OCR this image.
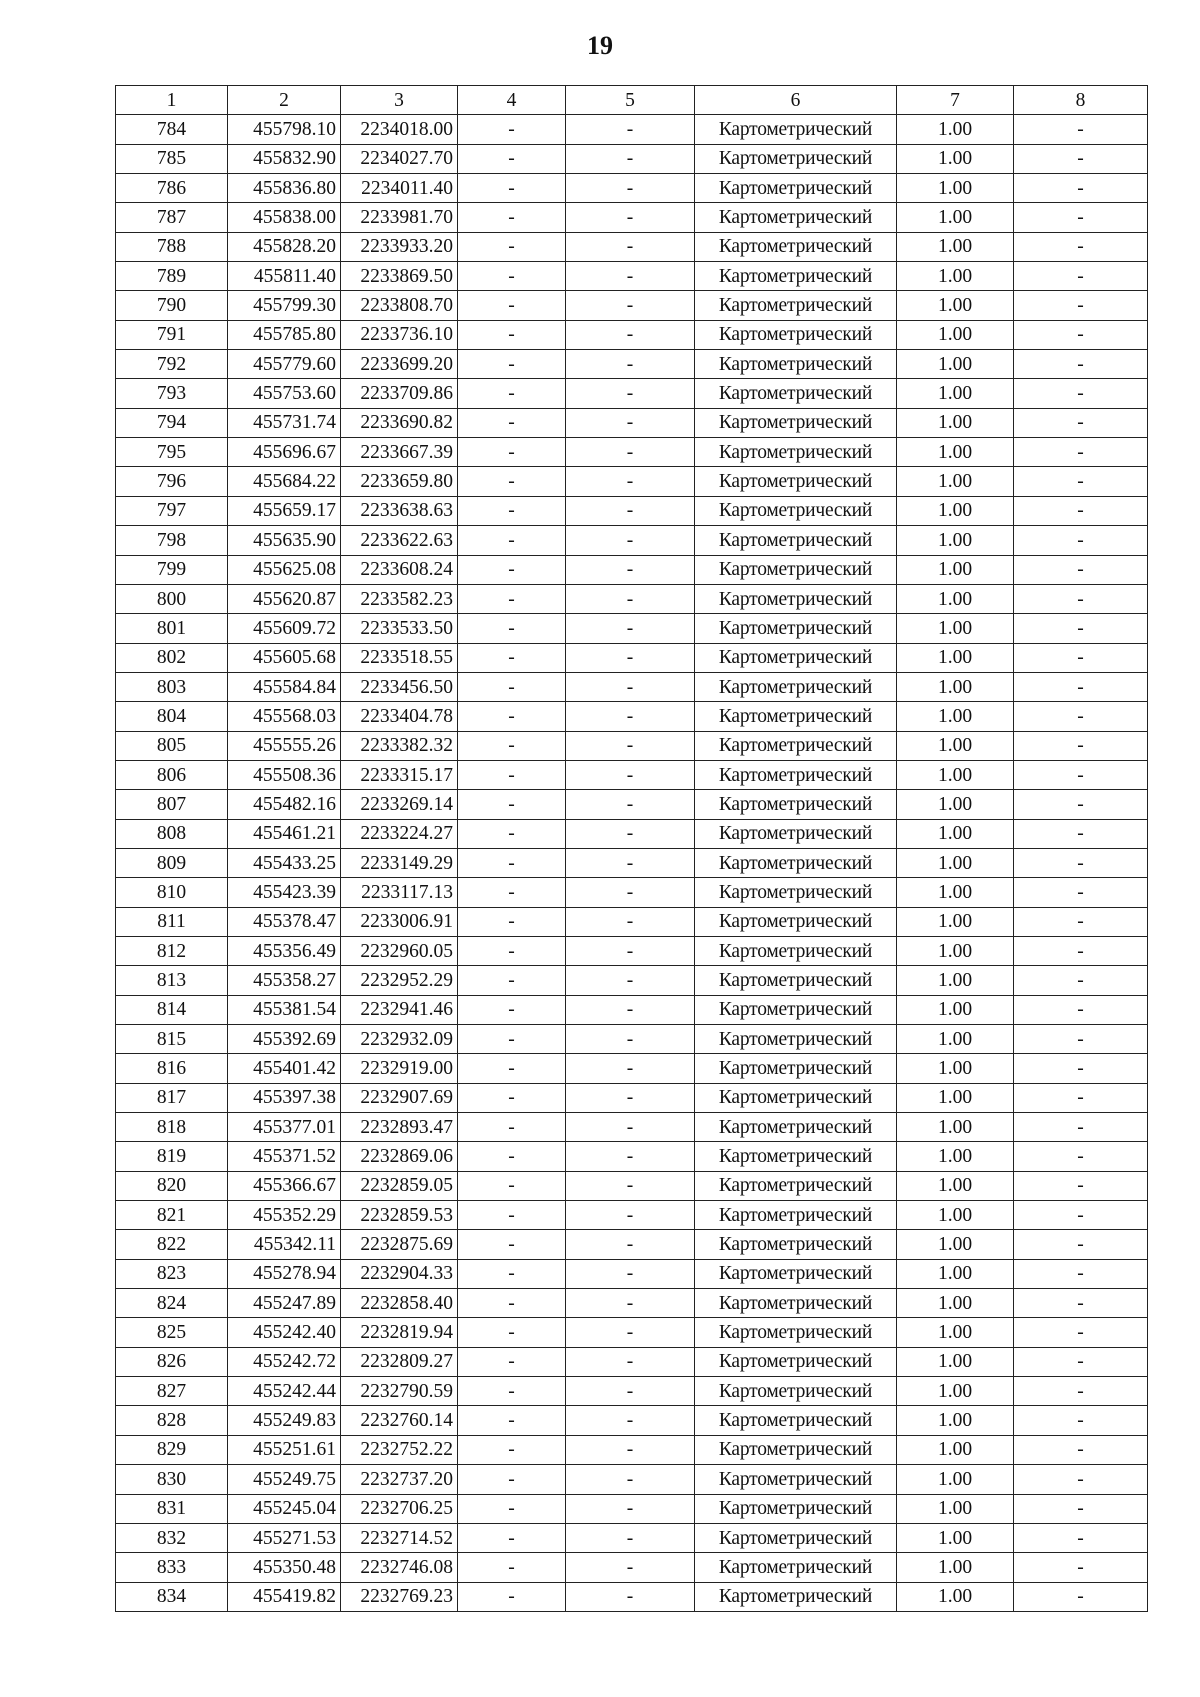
19
1	2	3	4	5	6	7	8
784	455798.10	2234018.00	-	-	Картометрический	1.00	-
785	455832.90	2234027.70	-	-	Картометрический	1.00	-
786	455836.80	2234011.40	-	-	Картометрический	1.00	-
787	455838.00	2233981.70	-	-	Картометрический	1.00	-
788	455828.20	2233933.20	-	-	Картометрический	1.00	-
789	455811.40	2233869.50	-	-	Картометрический	1.00	-
790	455799.30	2233808.70	-	-	Картометрический	1.00	-
791	455785.80	2233736.10	-	-	Картометрический	1.00	-
792	455779.60	2233699.20	-	-	Картометрический	1.00	-
793	455753.60	2233709.86	-	-	Картометрический	1.00	-
794	455731.74	2233690.82	-	-	Картометрический	1.00	-
795	455696.67	2233667.39	-	-	Картометрический	1.00	-
796	455684.22	2233659.80	-	-	Картометрический	1.00	-
797	455659.17	2233638.63	-	-	Картометрический	1.00	-
798	455635.90	2233622.63	-	-	Картометрический	1.00	-
799	455625.08	2233608.24	-	-	Картометрический	1.00	-
800	455620.87	2233582.23	-	-	Картометрический	1.00	-
801	455609.72	2233533.50	-	-	Картометрический	1.00	-
802	455605.68	2233518.55	-	-	Картометрический	1.00	-
803	455584.84	2233456.50	-	-	Картометрический	1.00	-
804	455568.03	2233404.78	-	-	Картометрический	1.00	-
805	455555.26	2233382.32	-	-	Картометрический	1.00	-
806	455508.36	2233315.17	-	-	Картометрический	1.00	-
807	455482.16	2233269.14	-	-	Картометрический	1.00	-
808	455461.21	2233224.27	-	-	Картометрический	1.00	-
809	455433.25	2233149.29	-	-	Картометрический	1.00	-
810	455423.39	2233117.13	-	-	Картометрический	1.00	-
811	455378.47	2233006.91	-	-	Картометрический	1.00	-
812	455356.49	2232960.05	-	-	Картометрический	1.00	-
813	455358.27	2232952.29	-	-	Картометрический	1.00	-
814	455381.54	2232941.46	-	-	Картометрический	1.00	-
815	455392.69	2232932.09	-	-	Картометрический	1.00	-
816	455401.42	2232919.00	-	-	Картометрический	1.00	-
817	455397.38	2232907.69	-	-	Картометрический	1.00	-
818	455377.01	2232893.47	-	-	Картометрический	1.00	-
819	455371.52	2232869.06	-	-	Картометрический	1.00	-
820	455366.67	2232859.05	-	-	Картометрический	1.00	-
821	455352.29	2232859.53	-	-	Картометрический	1.00	-
822	455342.11	2232875.69	-	-	Картометрический	1.00	-
823	455278.94	2232904.33	-	-	Картометрический	1.00	-
824	455247.89	2232858.40	-	-	Картометрический	1.00	-
825	455242.40	2232819.94	-	-	Картометрический	1.00	-
826	455242.72	2232809.27	-	-	Картометрический	1.00	-
827	455242.44	2232790.59	-	-	Картометрический	1.00	-
828	455249.83	2232760.14	-	-	Картометрический	1.00	-
829	455251.61	2232752.22	-	-	Картометрический	1.00	-
830	455249.75	2232737.20	-	-	Картометрический	1.00	-
831	455245.04	2232706.25	-	-	Картометрический	1.00	-
832	455271.53	2232714.52	-	-	Картометрический	1.00	-
833	455350.48	2232746.08	-	-	Картометрический	1.00	-
834	455419.82	2232769.23	-	-	Картометрический	1.00	-
